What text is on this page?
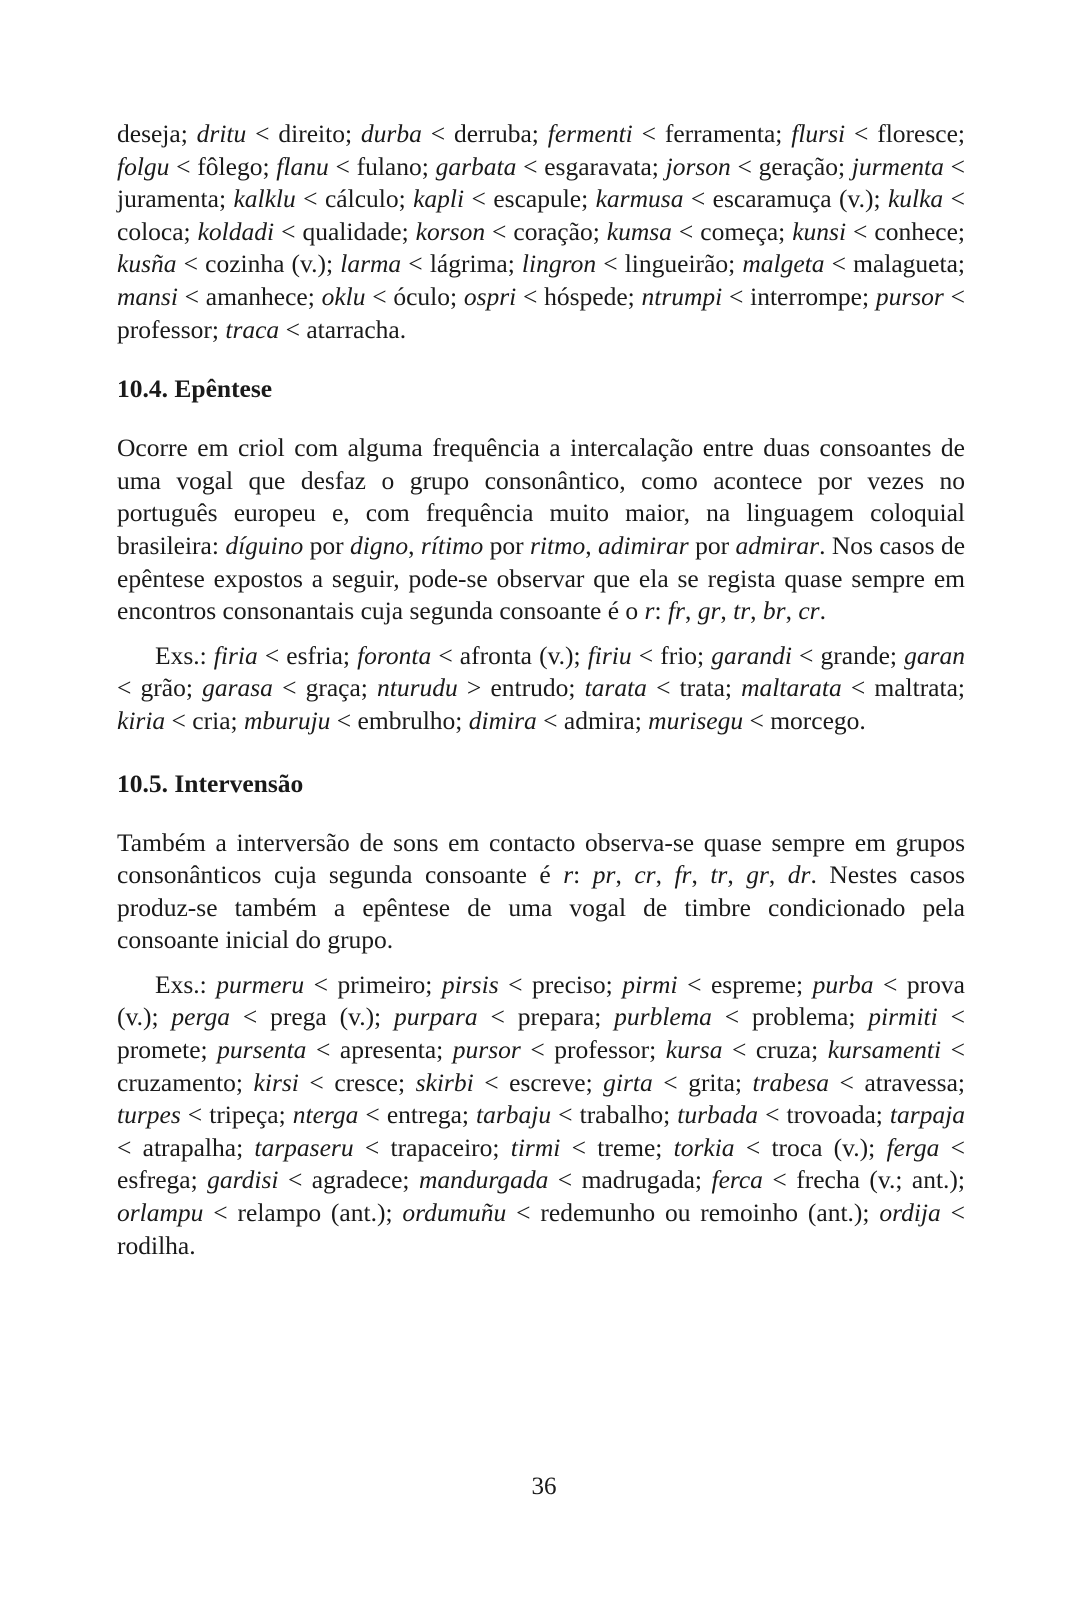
deseja; dritu < direito; durba < derruba; fermenti < ferramenta; flursi < floresce; folgu < fôlego; flanu < fulano; garbata < esgaravata; jorson < geração; jurmenta < juramenta; kalklu < cálculo; kapli < escapule; karmusa < escaramuça (v.); kulka < coloca; koldadi < qualidade; korson < coração; kumsa < começa; kunsi < conhece; kusña < cozinha (v.); larma < lágrima; lingron < lingueirão; malgeta < malagueta; mansi < amanhece; oklu < óculo; ospri < hóspede; ntrumpi < interrompe; pursor < professor; traca < atarracha.

10.4. Epêntese

Ocorre em criol com alguma frequência a intercalação entre duas consoantes de uma vogal que desfaz o grupo consonântico, como acontece por vezes no português europeu e, com frequência muito maior, na linguagem coloquial brasileira: díguino por digno, rítimo por ritmo, adimirar por admirar. Nos casos de epêntese expostos a seguir, pode-se observar que ela se regista quase sempre em encontros consonantais cuja segunda consoante é o r: fr, gr, tr, br, cr.

Exs.: firia < esfria; foronta < afronta (v.); firiu < frio; garandi < grande; garan < grão; garasa < graça; nturudu > entrudo; tarata < trata; maltarata < maltrata; kiria < cria; mburuju < embrulho; dimira < admira; murisegu < morcego.

10.5. Intervensão

Também a interversão de sons em contacto observa-se quase sempre em grupos consonânticos cuja segunda consoante é r: pr, cr, fr, tr, gr, dr. Nestes casos produz-se também a epêntese de uma vogal de timbre condicionado pela consoante inicial do grupo.

Exs.: purmeru < primeiro; pirsis < preciso; pirmi < espreme; purba < prova (v.); perga < prega (v.); purpara < prepara; purblema < problema; pirmiti < promete; pursenta < apresenta; pursor < professor; kursa < cruza; kursamenti < cruzamento; kirsi < cresce; skirbi < escreve; girta < grita; trabesa < atravessa; turpes < tripeça; nterga < entrega; tarbaju < trabalho; turbada < trovoada; tarpaja < atrapalha; tarpaseru < trapaceiro; tirmi < treme; torkia < troca (v.); ferga < esfrega; gardisi < agradece; mandurgada < madrugada; ferca < frecha (v.; ant.); orlampu < relampo (ant.); ordumuñu < redemunho ou remoinho (ant.); ordija < rodilha.

36
